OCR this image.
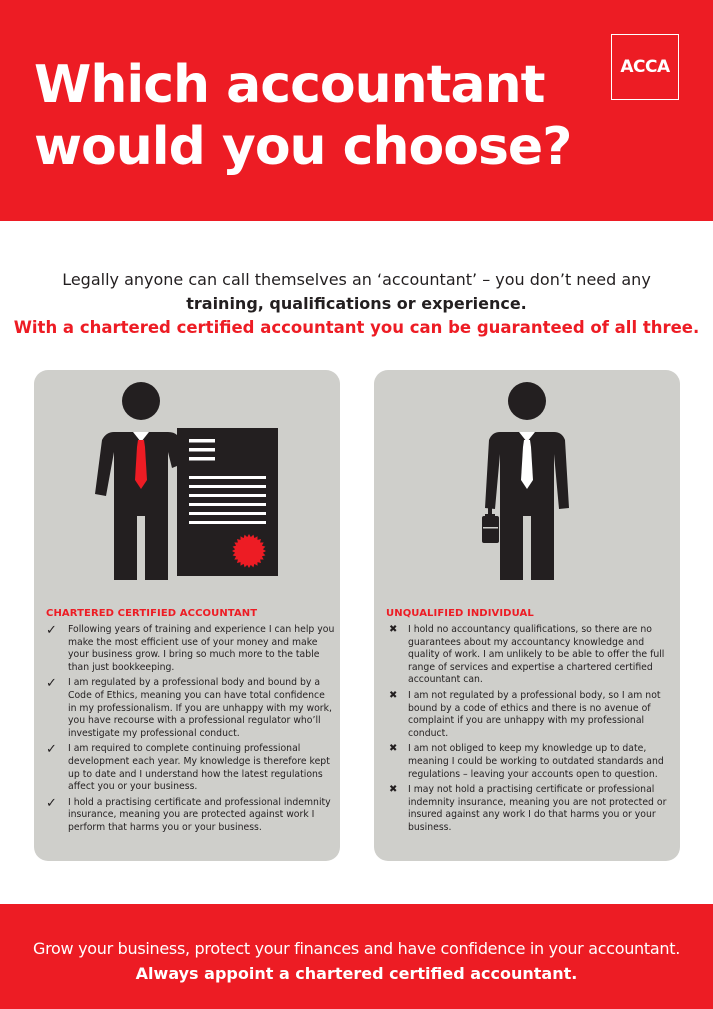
Which accountant
would you choose?
ACCA
Legally anyone can call themselves an ‘accountant’ – you don’t need any
training, qualifications or experience.
With a chartered certified accountant you can be guaranteed of all three.

CHARTERED CERTIFIED ACCOUNTANT

✓ Following years of training and experience I can help you make the most efficient use of your money and make your business grow. I bring so much more to the table than just bookkeeping.
✓ I am regulated by a professional body and bound by a Code of Ethics, meaning you can have total confidence in my professionalism. If you are unhappy with my work, you have recourse with a professional regulator who’ll investigate my professional conduct.
✓ I am required to complete continuing professional development each year. My knowledge is therefore kept up to date and I understand how the latest regulations affect you or your business.
✓ I hold a practising certificate and professional indemnity insurance, meaning you are protected against work I perform that harms you or your business.

UNQUALIFIED INDIVIDUAL

✖ I hold no accountancy qualifications, so there are no guarantees about my accountancy knowledge and quality of work. I am unlikely to be able to offer the full range of services and expertise a chartered certified accountant can.
✖ I am not regulated by a professional body, so I am not bound by a code of ethics and there is no avenue of complaint if you are unhappy with my professional conduct.
✖ I am not obliged to keep my knowledge up to date, meaning I could be working to outdated standards and regulations – leaving your accounts open to question.
✖ I may not hold a practising certificate or professional indemnity insurance, meaning you are not protected or insured against any work I do that harms you or your business.
Grow your business, protect your finances and have confidence in your accountant.
Always appoint a chartered certified accountant.
